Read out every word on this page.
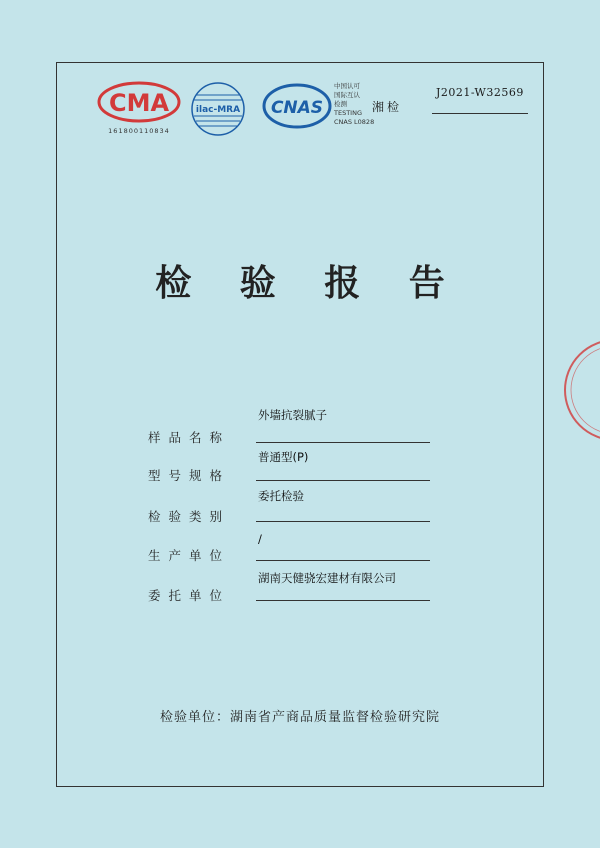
CMA
161800110834
ilac-MRA CNAS
中国认可
国际互认
检测
TESTING
CNAS L0828
湘检
J2021-W32569
检 验 报 告
外墙抗裂腻子
样品名称
普通型(P)
型号规格
委托检验
检验类别
/
生产单位
湖南天健骁宏建材有限公司
委托单位
检验单位：湖南省产商品质量监督检验研究院
